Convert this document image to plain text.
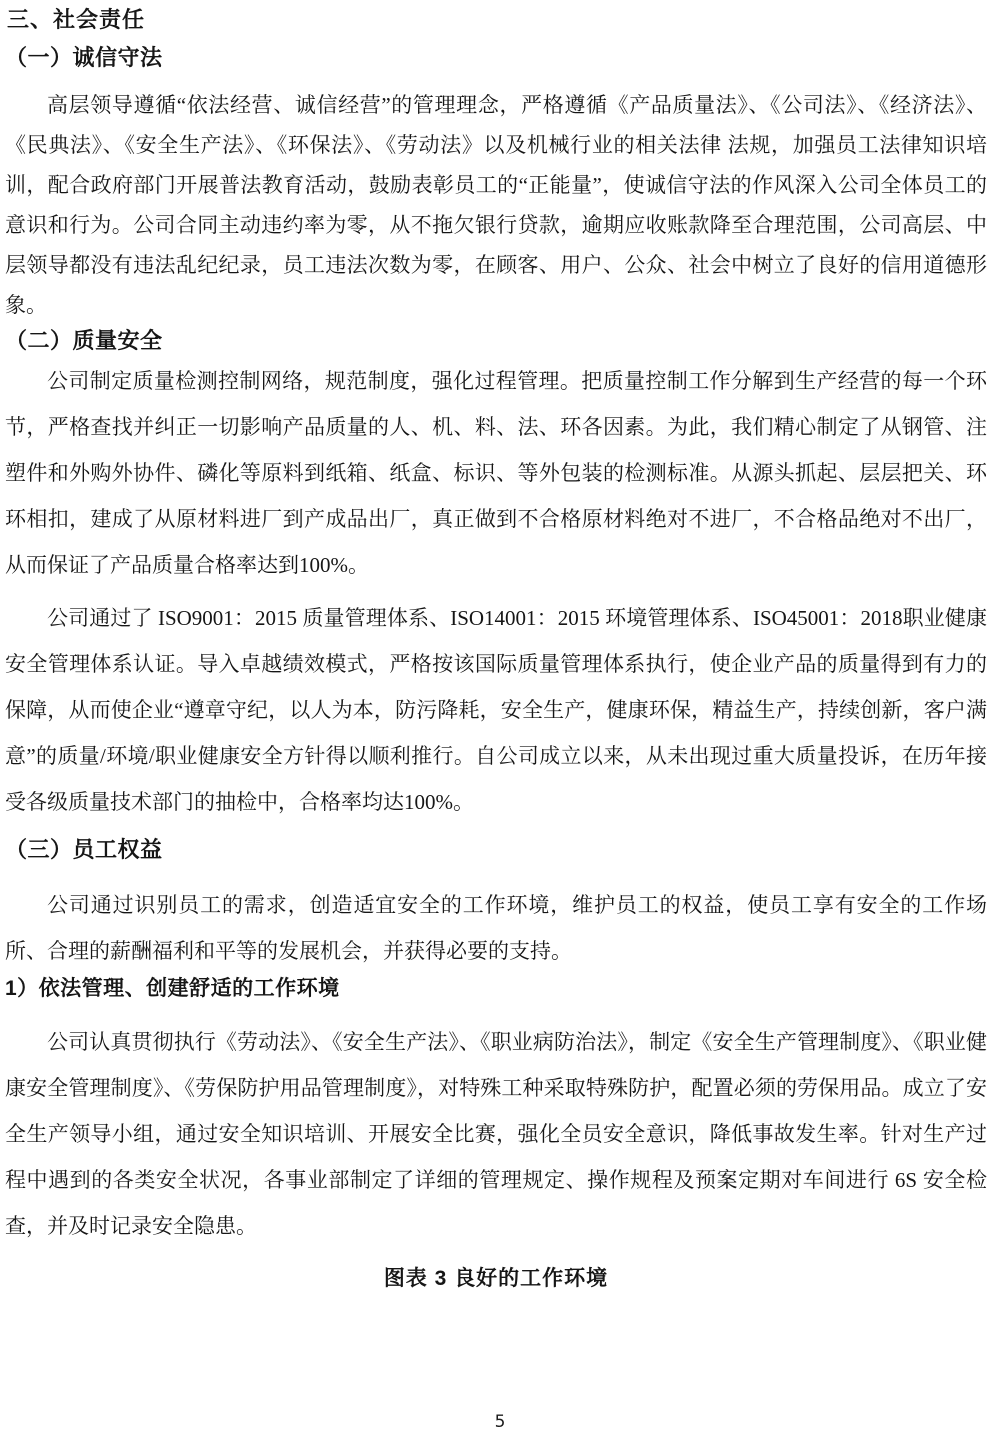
三、社会责任
（一）诚信守法

高层领导遵循“依法经营、诚信经营”的管理理念，严格遵循《产品质量法》、《公司法》、《经济法》、《民典法》、《安全生产法》、《环保法》、《劳动法》以及机械行业的相关法律 法规，加强员工法律知识培训，配合政府部门开展普法教育活动，鼓励表彰员工的“正能量”，使诚信守法的作风深入公司全体员工的意识和行为。公司合同主动违约率为零，从不拖欠银行贷款，逾期应收账款降至合理范围，公司高层、中层领导都没有违法乱纪纪录，员工违法次数为零，在顾客、用户、公众、社会中树立了良好的信用道德形象。

（二）质量安全

公司制定质量检测控制网络，规范制度，强化过程管理。把质量控制工作分解到生产经营的每一个环节，严格查找并纠正一切影响产品质量的人、机、料、法、环各因素。为此，我们精心制定了从钢管、注塑件和外购外协件、磷化等原料到纸箱、纸盒、标识、等外包装的检测标准。从源头抓起、层层把关、环环相扣，建成了从原材料进厂到产成品出厂，真正做到不合格原材料绝对不进厂，不合格品绝对不出厂，从而保证了产品质量合格率达到100%。

公司通过了 ISO9001：2015 质量管理体系、ISO14001：2015 环境管理体系、ISO45001：2018职业健康安全管理体系认证。导入卓越绩效模式，严格按该国际质量管理体系执行，使企业产品的质量得到有力的保障，从而使企业“遵章守纪，以人为本，防污降耗，安全生产，健康环保，精益生产，持续创新，客户满意”的质量/环境/职业健康安全方针得以顺利推行。自公司成立以来，从未出现过重大质量投诉，在历年接受各级质量技术部门的抽检中，合格率均达100%。

（三）员工权益

公司通过识别员工的需求，创造适宜安全的工作环境，维护员工的权益，使员工享有安全的工作场所、合理的薪酬福利和平等的发展机会，并获得必要的支持。

1）依法管理、创建舒适的工作环境

公司认真贯彻执行《劳动法》、《安全生产法》、《职业病防治法》，制定《安全生产管理制度》、《职业健康安全管理制度》、《劳保防护用品管理制度》，对特殊工种采取特殊防护，配置必须的劳保用品。成立了安全生产领导小组，通过安全知识培训、开展安全比赛，强化全员安全意识，降低事故发生率。针对生产过程中遇到的各类安全状况，各事业部制定了详细的管理规定、操作规程及预案定期对车间进行 6S 安全检查，并及时记录安全隐患。

图表 3 良好的工作环境
5
